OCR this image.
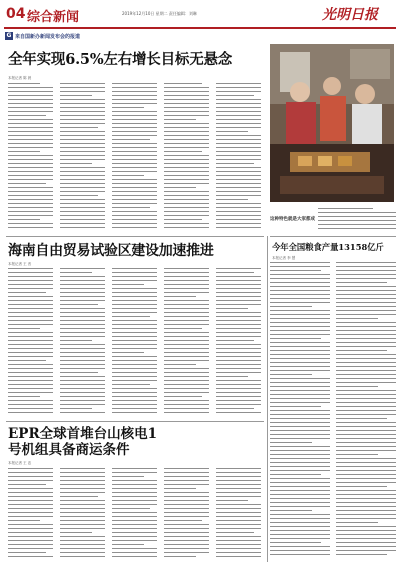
04 综合新闻	2019年12月10日 星期二 责任编辑：刘琳	光明日报
G 来自国新办新闻发布会的报道
全年实现6.5%左右增长目标无悬念
本报记者 陈 晨
这种特色就是大家都成
今年全国粮食产量13158亿斤
本报记者 李 慧
海南自由贸易试验区建设加速推进
本报记者 王 晋
EPR全球首堆台山核电1号机组具备商运条件
本报记者 王 忠
